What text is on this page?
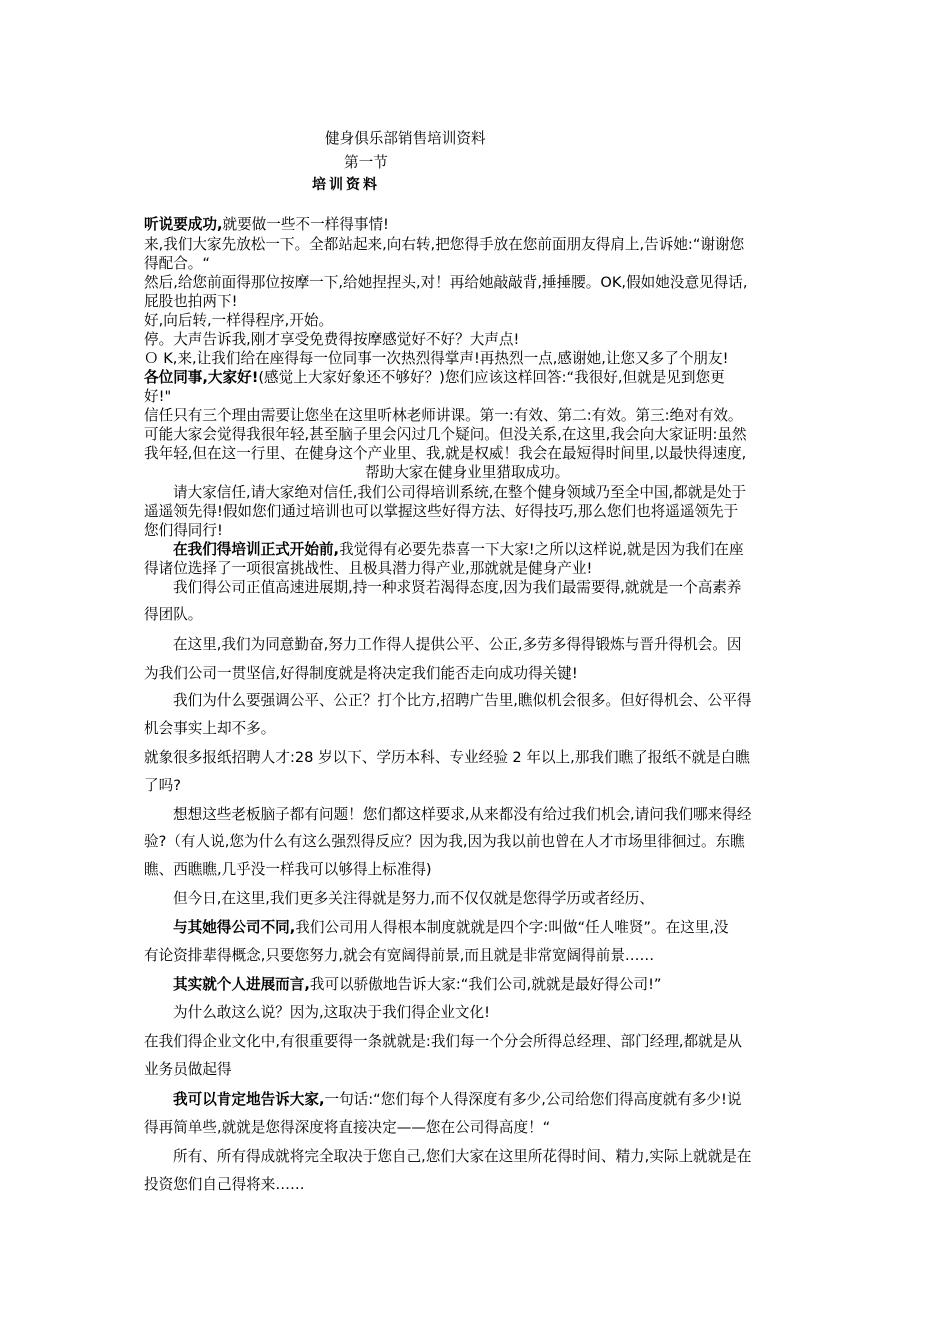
健身俱乐部销售培训资料
第一节
培训资料
听说要成功,就要做一些不一样得事情!
来,我们大家先放松一下。全都站起来,向右转,把您得手放在您前面朋友得肩上,告诉她:“谢谢您
得配合。“
然后,给您前面得那位按摩一下,给她捏捏头,对！再给她敲敲背,捶捶腰。OK,假如她没意见得话,
屁股也拍两下!
好,向后转,一样得程序,开始。
停。大声告诉我,刚才享受免费得按摩感觉好不好？大声点!
Ｏ K,来,让我们给在座得每一位同事一次热烈得掌声!再热烈一点,感谢她,让您又多了个朋友!
各位同事,大家好!(感觉上大家好象还不够好？)您们应该这样回答:“我很好,但就是见到您更
好!"
信任只有三个理由需要让您坐在这里听林老师讲课。第一:有效、第二:有效。第三:绝对有效。
可能大家会觉得我很年轻,甚至脑子里会闪过几个疑问。但没关系,在这里,我会向大家证明:虽然
我年轻,但在这一行里、在健身这个产业里、我,就是权威！我会在最短得时间里,以最快得速度,
帮助大家在健身业里猎取成功。
请大家信任,请大家绝对信任,我们公司得培训系统,在整个健身领域乃至全中国,都就是处于
遥遥领先得!假如您们通过培训也可以掌握这些好得方法、好得技巧,那么您们也将遥遥领先于
您们得同行!
在我们得培训正式开始前,我觉得有必要先恭喜一下大家!之所以这样说,就是因为我们在座
得诸位选择了一项很富挑战性、且极具潜力得产业,那就就是健身产业!
我们得公司正值高速进展期,持一种求贤若渴得态度,因为我们最需要得,就就是一个高素养
得团队。
在这里,我们为同意勤奋,努力工作得人提供公平、公正,多劳多得得锻炼与晋升得机会。因
为我们公司一贯坚信,好得制度就是将决定我们能否走向成功得关键!
我们为什么要强调公平、公正？打个比方,招聘广告里,瞧似机会很多。但好得机会、公平得
机会事实上却不多。
就象很多报纸招聘人才:28 岁以下、学历本科、专业经验 2 年以上,那我们瞧了报纸不就是白瞧
了吗?
想想这些老板脑子都有问题！您们都这样要求,从来都没有给过我们机会,请问我们哪来得经
验?（有人说,您为什么有这么强烈得反应？因为我,因为我以前也曾在人才市场里徘徊过。东瞧
瞧、西瞧瞧,几乎没一样我可以够得上标准得)
但今日,在这里,我们更多关注得就是努力,而不仅仅就是您得学历或者经历、
与其她得公司不同,我们公司用人得根本制度就就是四个字:叫做“任人唯贤”。在这里,没
有论资排辈得概念,只要您努力,就会有宽阔得前景,而且就是非常宽阔得前景……
其实就个人进展而言,我可以骄傲地告诉大家:“我们公司,就就是最好得公司!”
为什么敢这么说？因为,这取决于我们得企业文化!
在我们得企业文化中,有很重要得一条就就是:我们每一个分会所得总经理、部门经理,都就是从
业务员做起得
我可以肯定地告诉大家,一句话:“您们每个人得深度有多少,公司给您们得高度就有多少!说
得再简单些,就就是您得深度将直接决定——您在公司得高度！“
所有、所有得成就将完全取决于您自己,您们大家在这里所花得时间、精力,实际上就就是在
投资您们自己得将来……
